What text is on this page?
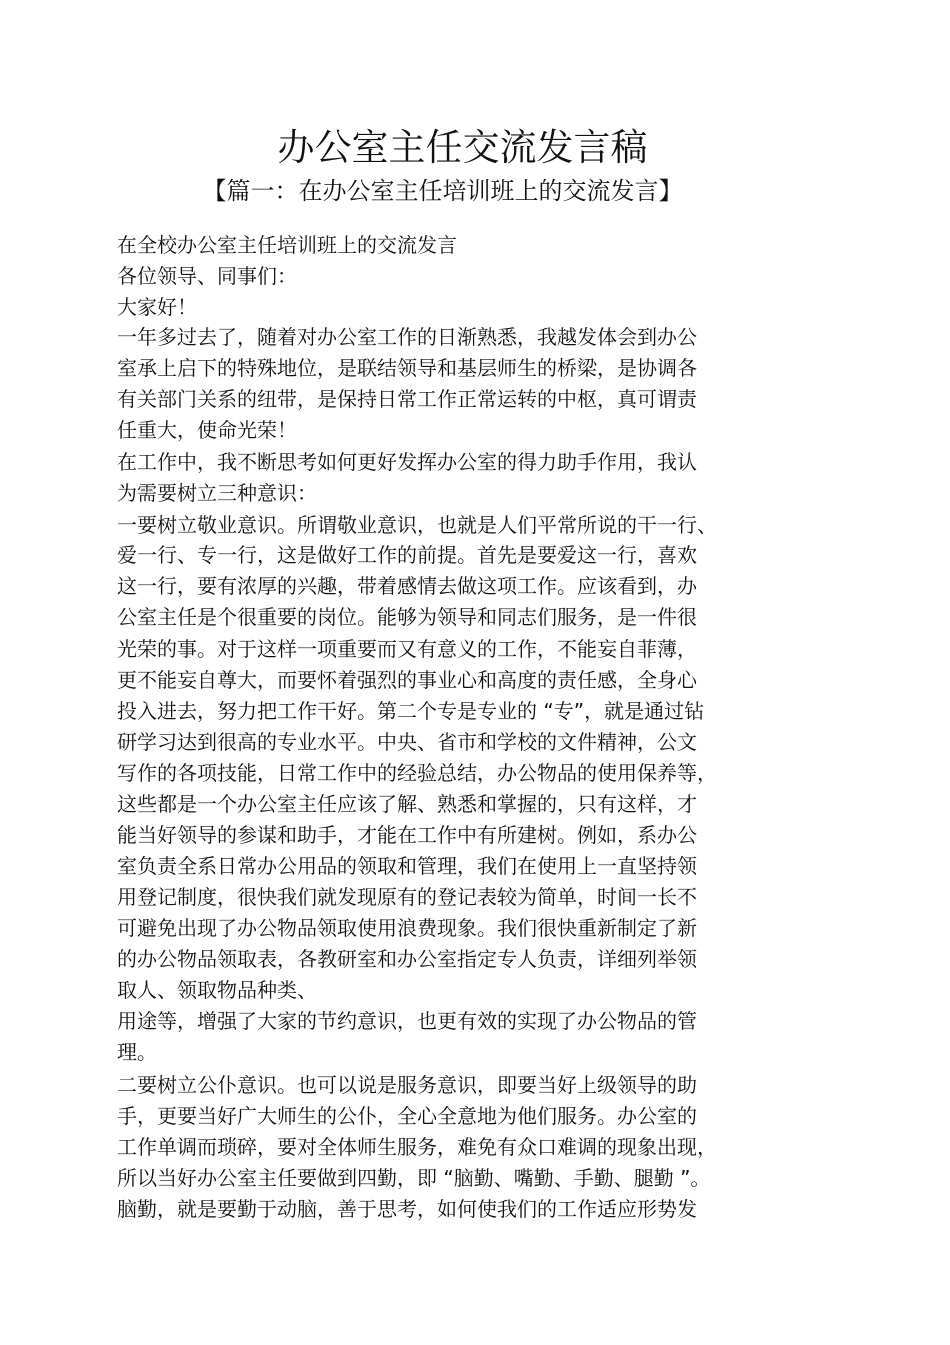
办公室主任交流发言稿
【篇一：在办公室主任培训班上的交流发言】

在全校办公室主任培训班上的交流发言

各位领导、同事们：

大家好！

一年多过去了，随着对办公室工作的日渐熟悉，我越发体会到办公

室承上启下的特殊地位，是联结领导和基层师生的桥梁，是协调各

有关部门关系的纽带，是保持日常工作正常运转的中枢，真可谓责

任重大，使命光荣！

在工作中，我不断思考如何更好发挥办公室的得力助手作用，我认

为需要树立三种意识：

一要树立敬业意识。所谓敬业意识，也就是人们平常所说的干一行、

爱一行、专一行，这是做好工作的前提。首先是要爱这一行，喜欢

这一行，要有浓厚的兴趣，带着感情去做这项工作。应该看到，办

公室主任是个很重要的岗位。能够为领导和同志们服务，是一件很

光荣的事。对于这样一项重要而又有意义的工作，不能妄自菲薄，

更不能妄自尊大，而要怀着强烈的事业心和高度的责任感，全身心

投入进去，努力把工作干好。第二个专是专业的 “专”，就是通过钻

研学习达到很高的专业水平。中央、省市和学校的文件精神，公文

写作的各项技能，日常工作中的经验总结，办公物品的使用保养等，

这些都是一个办公室主任应该了解、熟悉和掌握的，只有这样，才

能当好领导的参谋和助手，才能在工作中有所建树。例如，系办公

室负责全系日常办公用品的领取和管理，我们在使用上一直坚持领

用登记制度，很快我们就发现原有的登记表较为简单，时间一长不

可避免出现了办公物品领取使用浪费现象。我们很快重新制定了新

的办公物品领取表，各教研室和办公室指定专人负责，详细列举领

取人、领取物品种类、

用途等，增强了大家的节约意识，也更有效的实现了办公物品的管

理。

二要树立公仆意识。也可以说是服务意识，即要当好上级领导的助

手，更要当好广大师生的公仆，全心全意地为他们服务。办公室的

工作单调而琐碎，要对全体师生服务，难免有众口难调的现象出现，

所以当好办公室主任要做到四勤，即 “脑勤、嘴勤、手勤、腿勤 ”。

脑勤，就是要勤于动脑，善于思考，如何使我们的工作适应形势发
